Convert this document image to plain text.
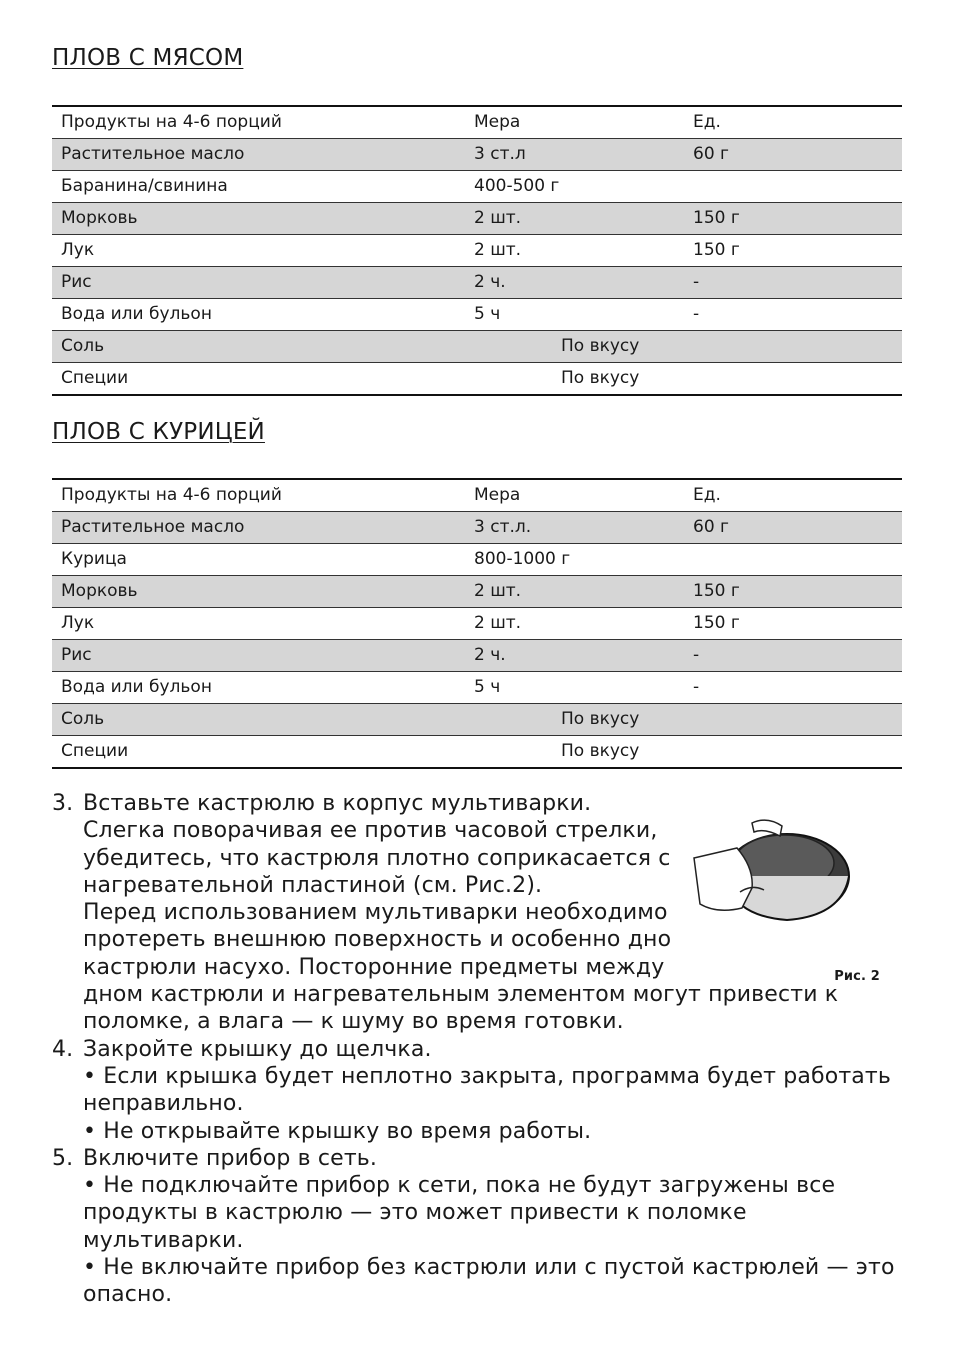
ПЛОВ С МЯСОМ
Продукты на 4-6 порций	Мера	Ед.
Растительное масло	3 ст.л	60 г
Баранина/свинина	400-500 г	
Морковь	2 шт.	150 г
Лук	2 шт.	150 г
Рис	2 ч.	-
Вода или бульон	5 ч	-
Соль	По вкусу	
Специи	По вкусу	
ПЛОВ С КУРИЦЕЙ
Продукты на 4-6 порций	Мера	Ед.
Растительное масло	3 ст.л.	60 г
Курица	800-1000 г	
Морковь	2 шт.	150 г
Лук	2 шт.	150 г
Рис	2 ч.	-
Вода или бульон	5 ч	-
Соль	По вкусу	
Специи	По вкусу	
3.
Рис. 2
Вставьте кастрюлю в корпус мультиварки. Слегка поворачивая ее против часовой стрелки, убедитесь, что кастрюля плотно соприкасается с нагревательной пластиной (см. Рис.2).
Перед использованием мультиварки необходимо протереть внешнюю поверхность и особенно дно кастрюли насухо. Посторонние предметы между дном кастрюли и нагревательным элементом могут привести к поломке, а влага — к шуму во время готовки.
4. Закройте крышку до щелчка.
• Если крышка будет неплотно закрыта, программа будет работать неправильно.
• Не открывайте крышку во время работы.
5. Включите прибор в сеть.
• Не подключайте прибор к сети, пока не будут загружены все продукты в кастрюлю — это может привести к поломке мультиварки.
• Не включайте прибор без кастрюли или с пустой кастрюлей — это опасно.
